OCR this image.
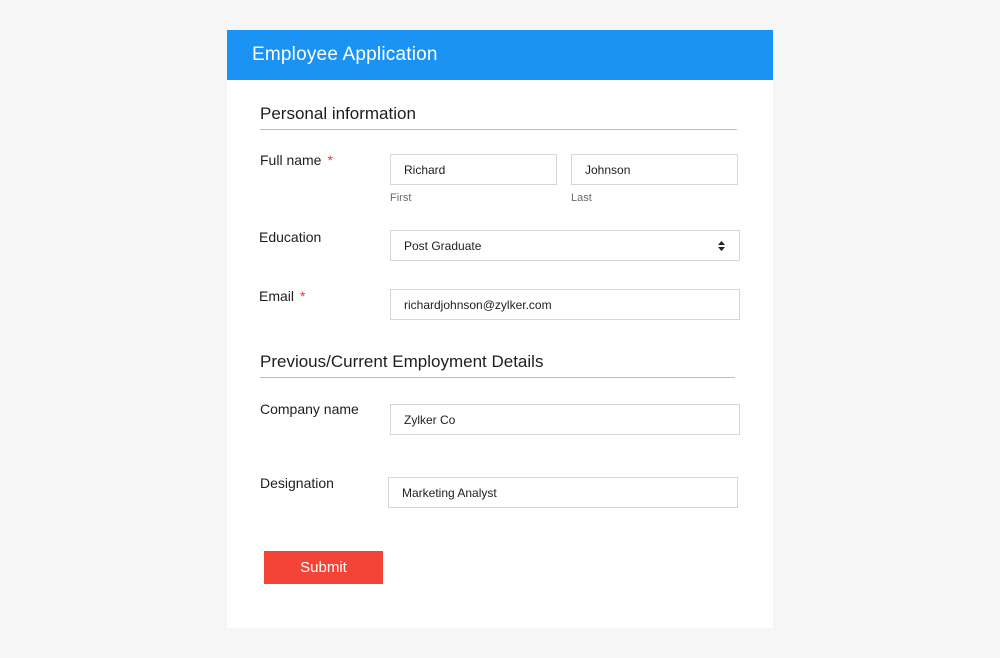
Employee Application
Personal information
Full name *
Richard
First
Johnson	Last
Education
Post Graduate
Email *
richardjohnson@zylker.com
Previous/Current Employment Details
Company name
Zylker Co
Designation
Marketing Analyst
Submit
